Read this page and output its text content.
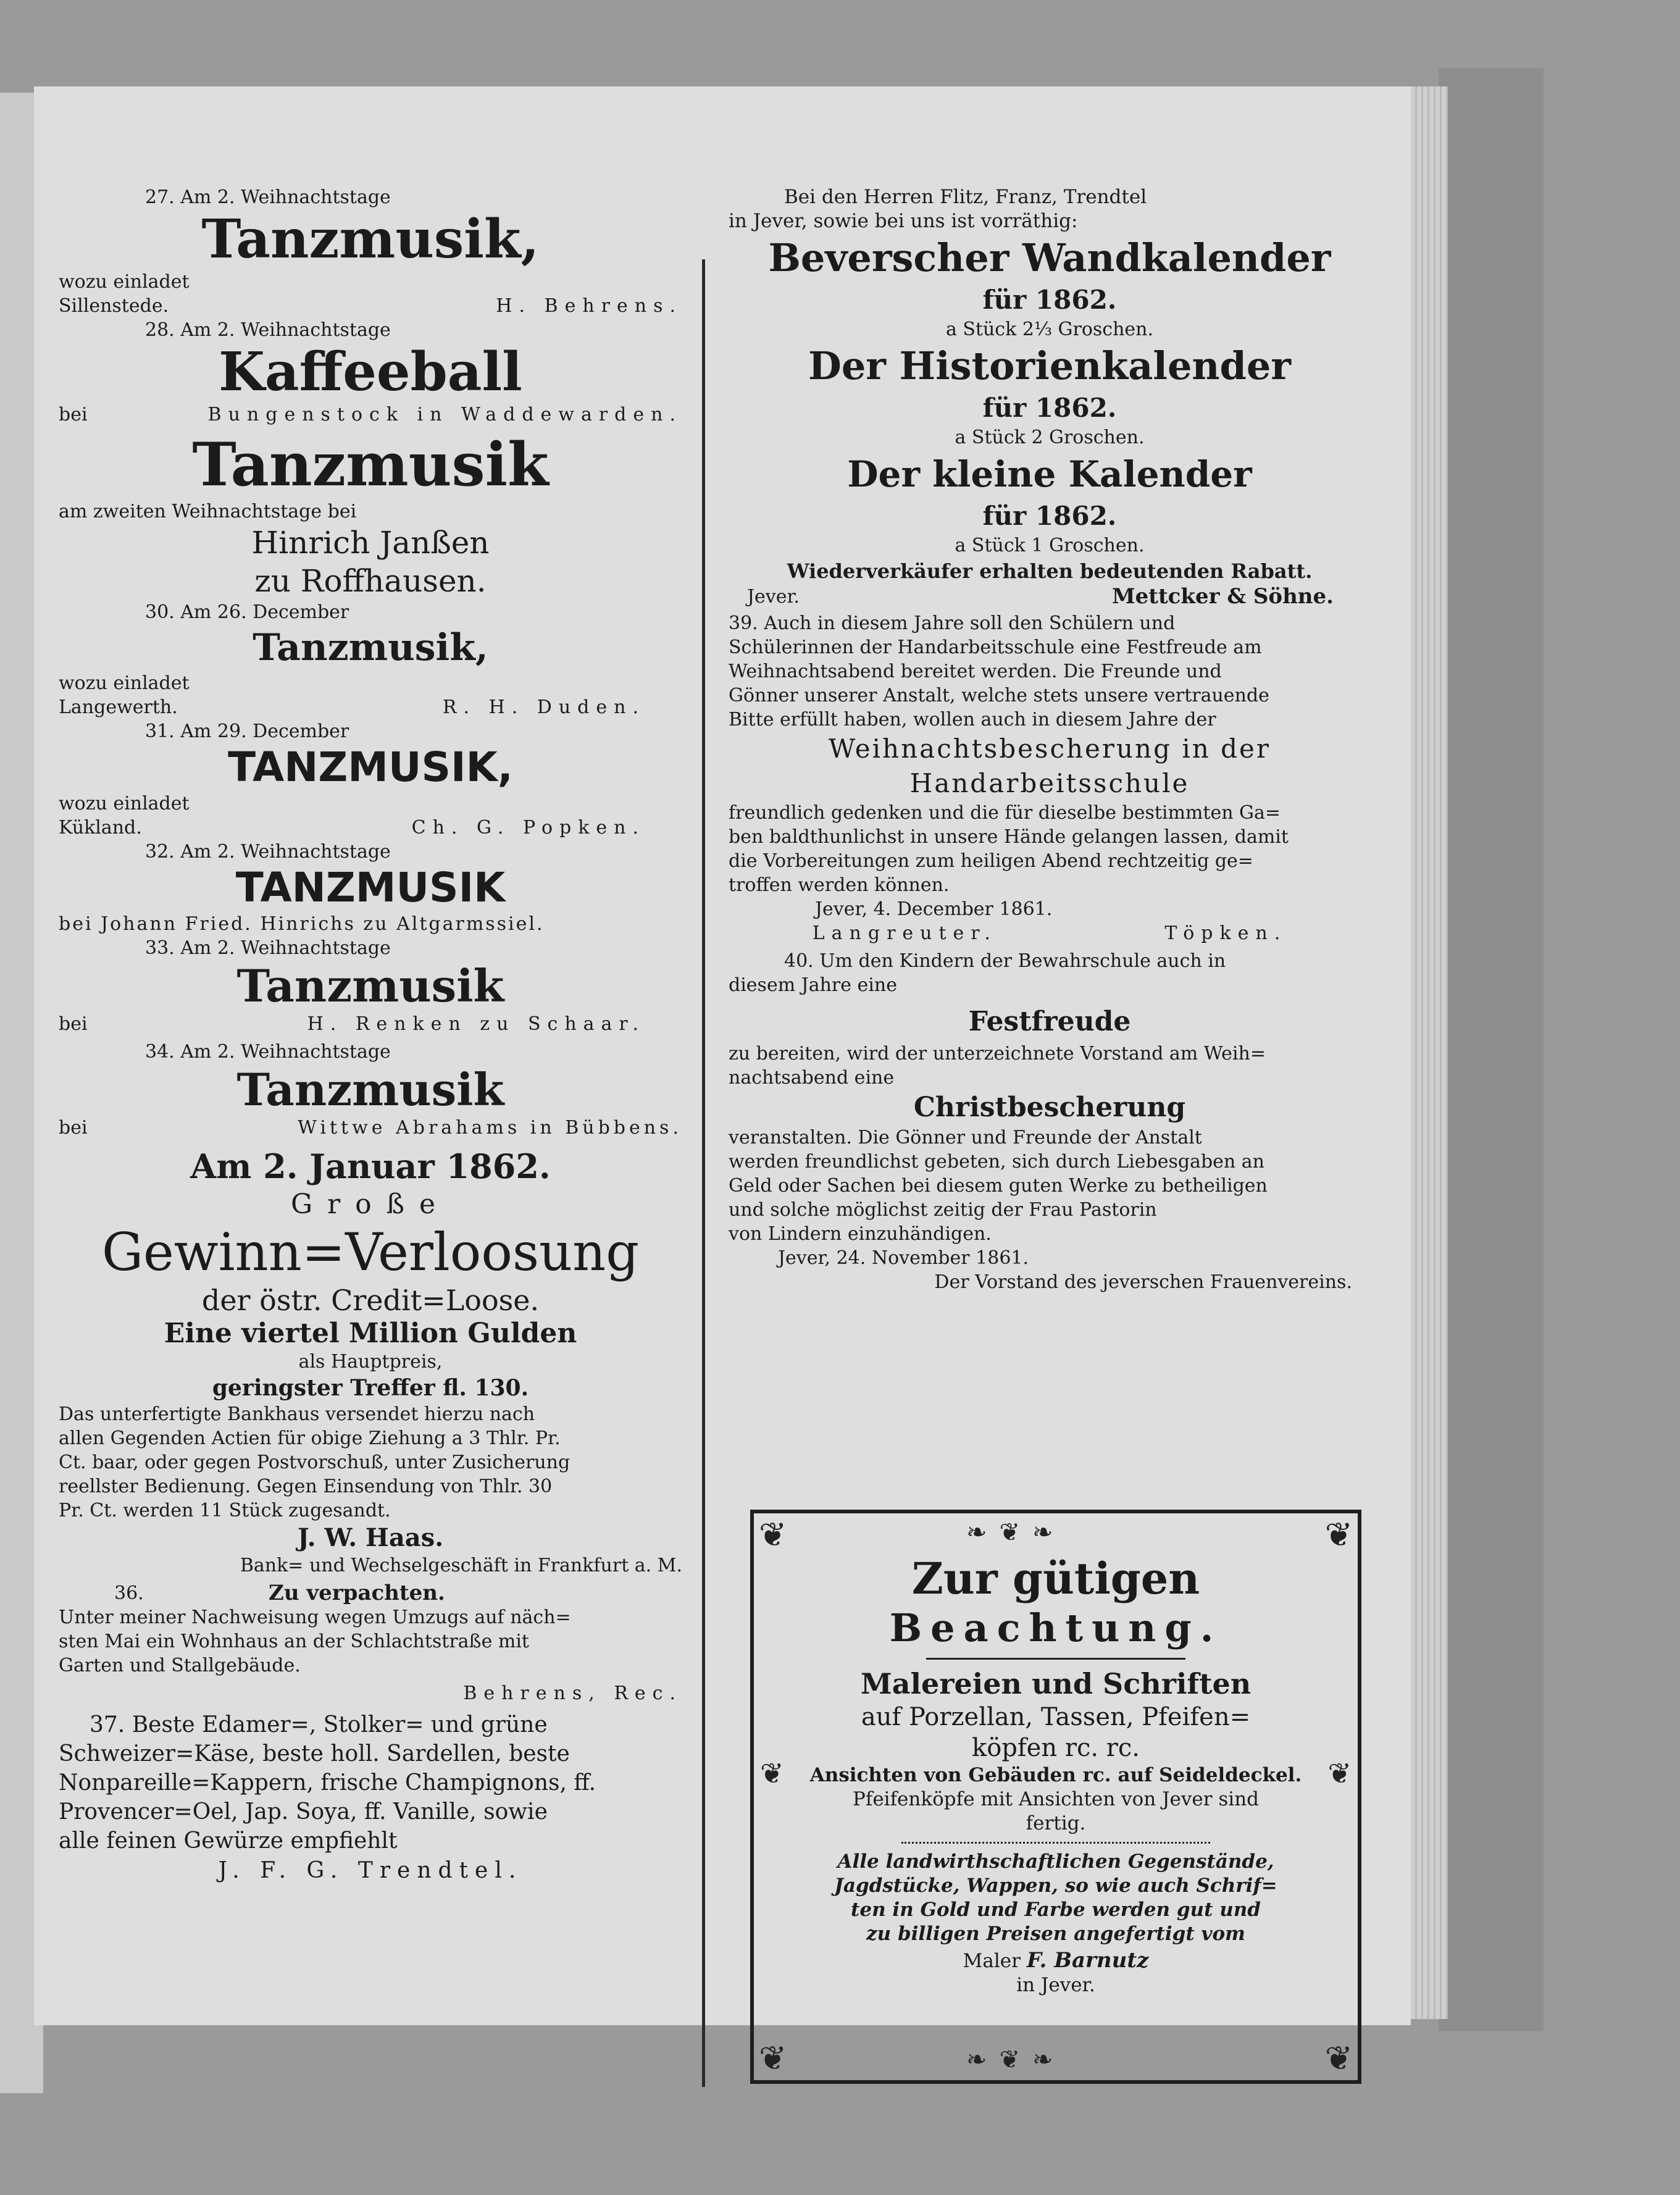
27. Am 2. Weihnachtstage
Tanzmusik,
wozu einladet
Sillenstede.	H. Behrens.
28. Am 2. Weihnachtstage
Kaffeeball
bei	Bungenstock in Waddewarden.
Tanzmusik
am zweiten Weihnachtstage bei
Hinrich Janßen
zu Roffhausen.
30. Am 26. December
Tanzmusik,
wozu einladet
Langewerth.	R. H. Duden.
31. Am 29. December
TANZMUSIK,
wozu einladet
Kükland.	Ch. G. Popken.
32. Am 2. Weihnachtstage
TANZMUSIK
bei Johann Fried. Hinrichs zu Altgarmssiel.
33. Am 2. Weihnachtstage
Tanzmusik
bei	H. Renken zu Schaar.
34. Am 2. Weihnachtstage
Tanzmusik
bei	Wittwe Abrahams in Bübbens.
Am 2. Januar 1862.
Große
Gewinn=Verloosung
der östr. Credit=Loose.
Eine viertel Million Gulden
als Hauptpreis,
geringster Treffer fl. 130.
Das unterfertigte Bankhaus versendet hierzu nach
allen Gegenden Actien für obige Ziehung a 3 Thlr. Pr.
Ct. baar, oder gegen Postvorschuß, unter Zusicherung
reellster Bedienung. Gegen Einsendung von Thlr. 30
Pr. Ct. werden 11 Stück zugesandt.
J. W. Haas.
Bank= und Wechselgeschäft in Frankfurt a. M.
36.	Zu verpachten.
Unter meiner Nachweisung wegen Umzugs auf näch=
sten Mai ein Wohnhaus an der Schlachtstraße mit
Garten und Stallgebäude.
Behrens, Rec.
37. Beste Edamer=, Stolker= und grüne
Schweizer=Käse, beste holl. Sardellen, beste
Nonpareille=Kappern, frische Champignons, ff.
Provencer=Oel, Jap. Soya, ff. Vanille, sowie
alle feinen Gewürze empfiehlt
J. F. G. Trendtel.
Bei den Herren Flitz, Franz, Trendtel
in Jever, sowie bei uns ist vorräthig:
Beverscher Wandkalender
für 1862.
a Stück 2⅓ Groschen.
Der Historienkalender
für 1862.
a Stück 2 Groschen.
Der kleine Kalender
für 1862.
a Stück 1 Groschen.
Wiederverkäufer erhalten bedeutenden Rabatt.
Jever.	Mettcker & Söhne.
39. Auch in diesem Jahre soll den Schülern und
Schülerinnen der Handarbeitsschule eine Festfreude am
Weihnachtsabend bereitet werden. Die Freunde und
Gönner unserer Anstalt, welche stets unsere vertrauende
Bitte erfüllt haben, wollen auch in diesem Jahre der
Weihnachtsbescherung in der
Handarbeitsschule
freundlich gedenken und die für dieselbe bestimmten Ga=
ben baldthunlichst in unsere Hände gelangen lassen, damit
die Vorbereitungen zum heiligen Abend rechtzeitig ge=
troffen werden können.
Jever, 4. December 1861.
Langreuter.	Töpken.
40. Um den Kindern der Bewahrschule auch in
diesem Jahre eine
Festfreude
zu bereiten, wird der unterzeichnete Vorstand am Weih=
nachtsabend eine
Christbescherung
veranstalten. Die Gönner und Freunde der Anstalt
werden freundlichst gebeten, sich durch Liebesgaben an
Geld oder Sachen bei diesem guten Werke zu betheiligen
und solche möglichst zeitig der Frau Pastorin
von Lindern einzuhändigen.
Jever, 24. November 1861.
Der Vorstand des jeverschen Frauenvereins.
❦	❦
❦	❦
❧❦❧
❧❦❧
❦	❦
Zur gütigen
Beachtung.
Malereien und Schriften
auf Porzellan, Tassen, Pfeifen=
köpfen rc. rc.
Ansichten von Gebäuden rc. auf Seideldeckel.
Pfeifenköpfe mit Ansichten von Jever sind
fertig.
Alle landwirthschaftlichen Gegenstände,
Jagdstücke, Wappen, so wie auch Schrif=
ten in Gold und Farbe werden gut und
zu billigen Preisen angefertigt vom
Maler F. Barnutz
in Jever.
